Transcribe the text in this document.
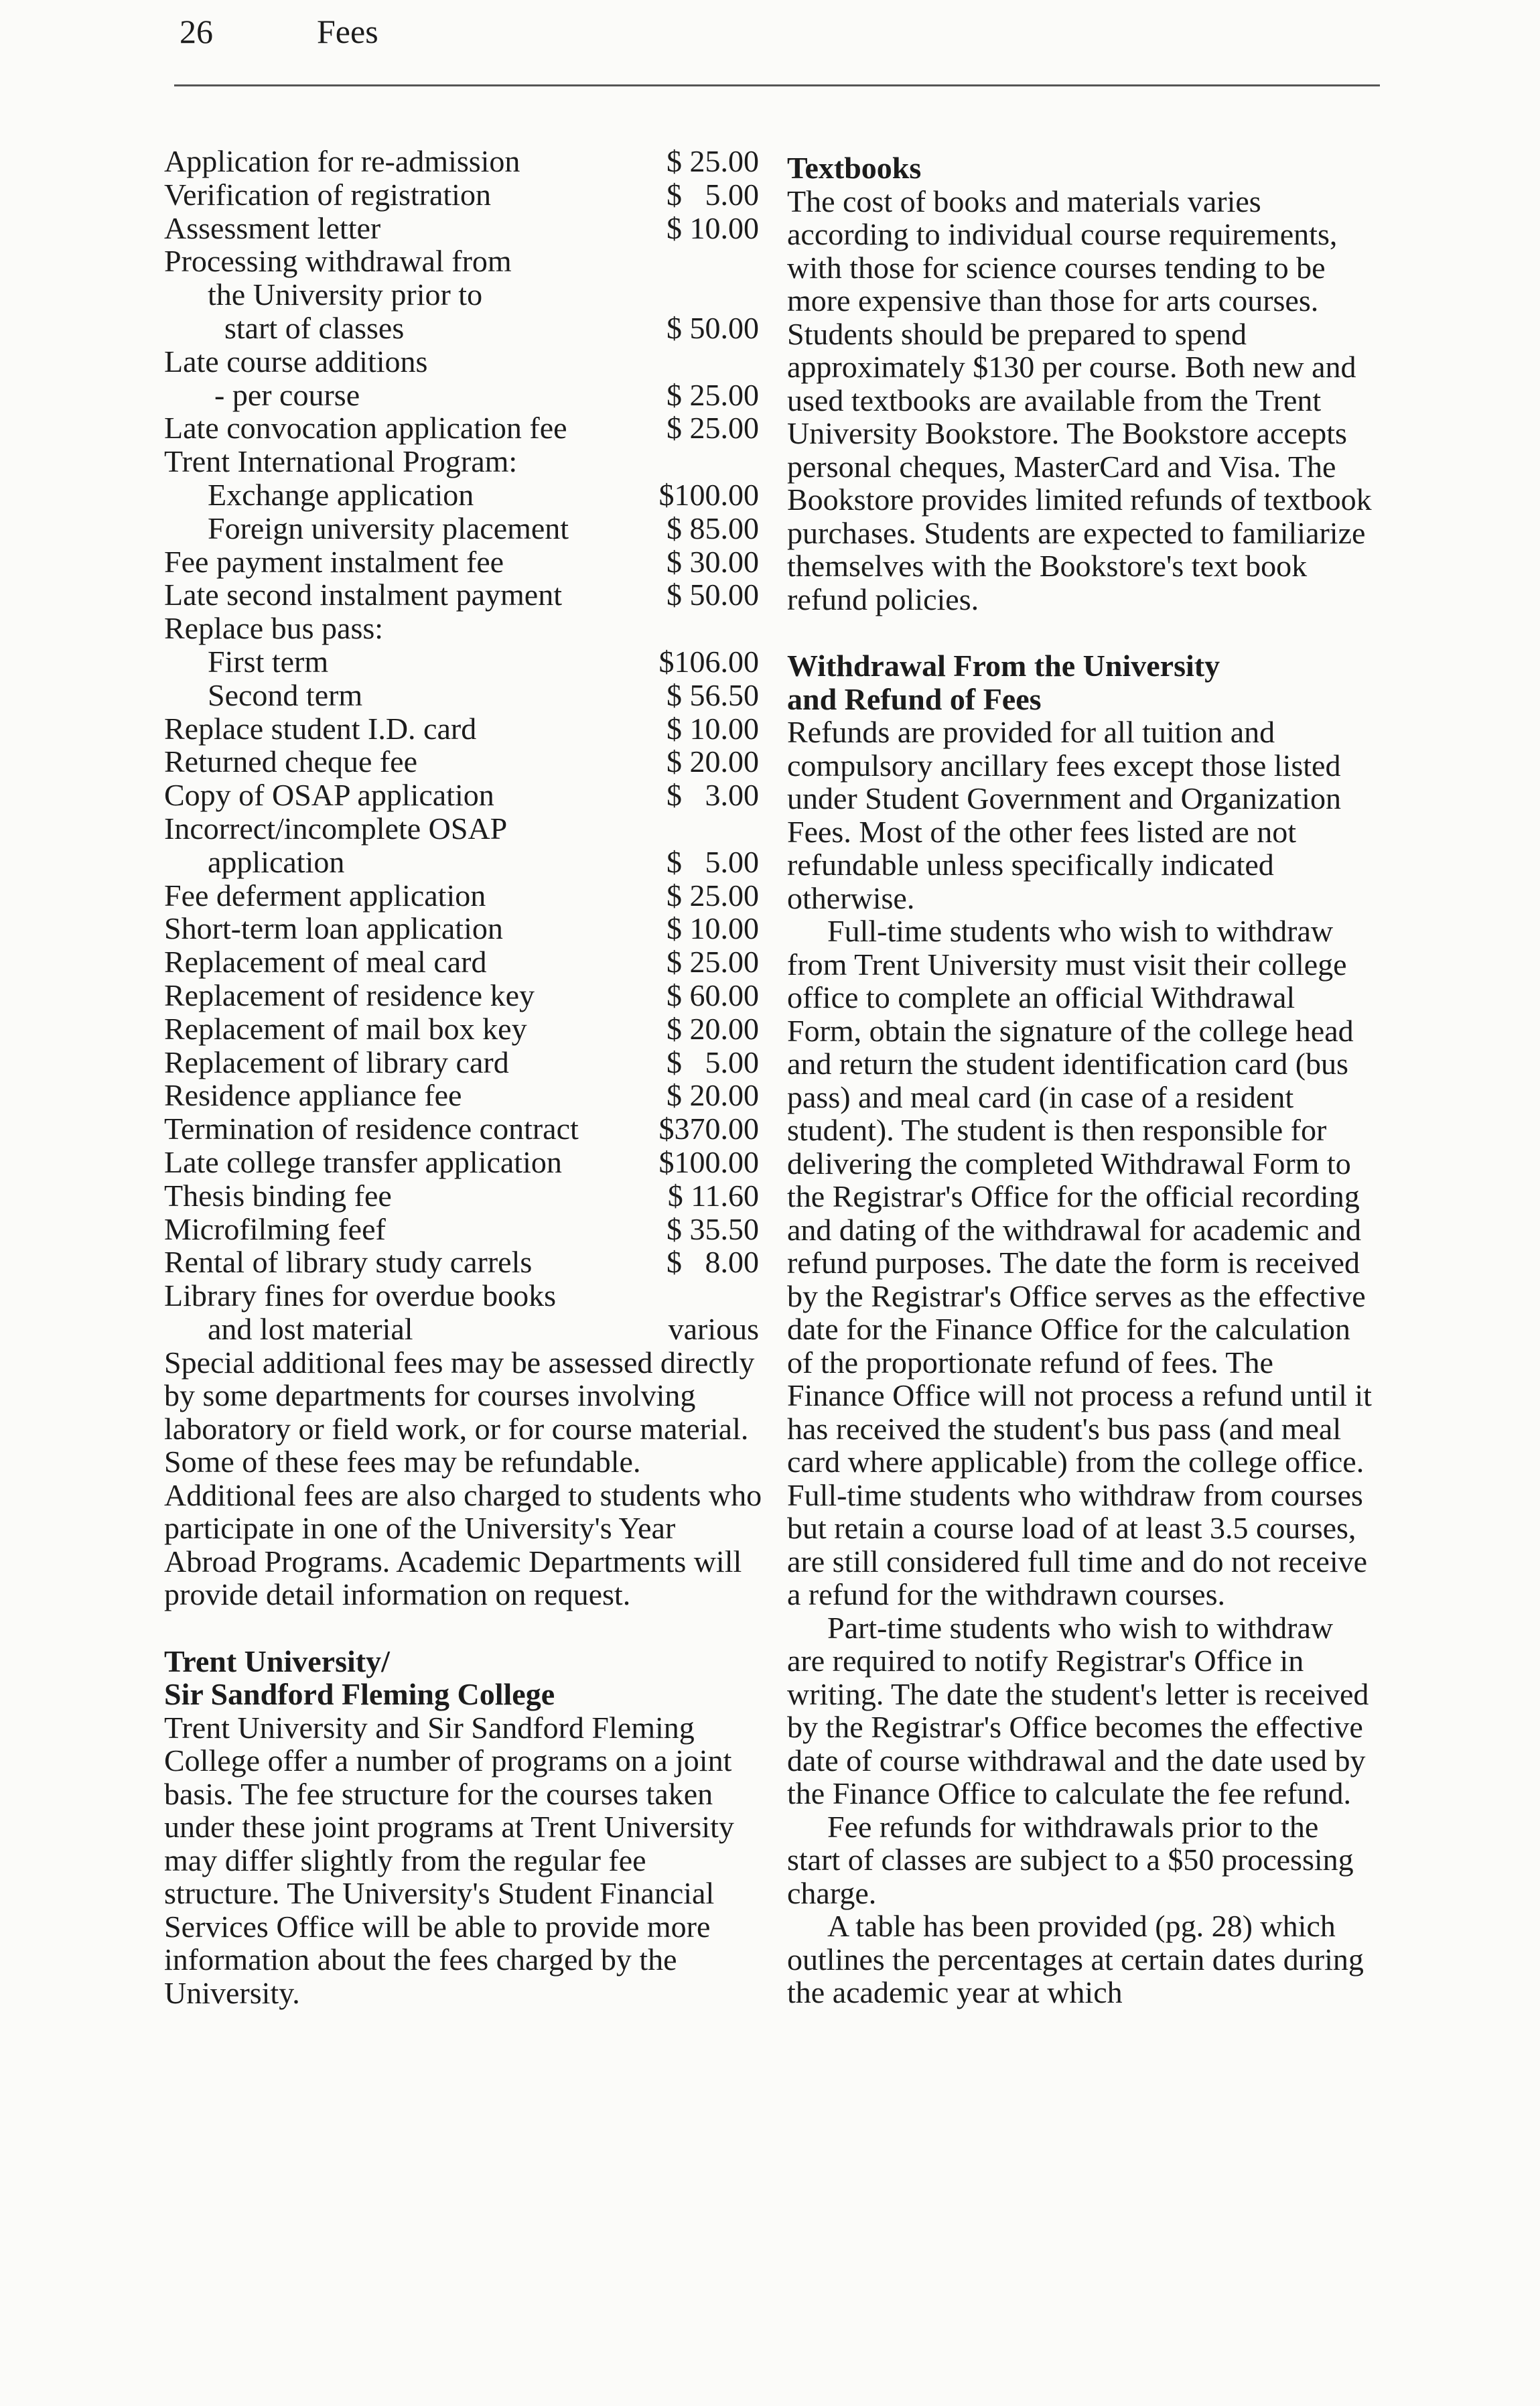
26	Fees
Application for re-admission	$ 25.00
Verification of registration	$   5.00
Assessment letter	$ 10.00
Processing withdrawal from
the University prior to
start of classes	$ 50.00
Late course additions
- per course	$ 25.00
Late convocation application fee	$ 25.00
Trent International Program:
Exchange application	$100.00
Foreign university placement	$ 85.00
Fee payment instalment fee	$ 30.00
Late second instalment payment	$ 50.00
Replace bus pass:
First term	$106.00
Second term	$ 56.50
Replace student I.D. card	$ 10.00
Returned cheque fee	$ 20.00
Copy of OSAP application	$   3.00
Incorrect/incomplete OSAP
application	$   5.00
Fee deferment application	$ 25.00
Short-term loan application	$ 10.00
Replacement of meal card	$ 25.00
Replacement of residence key	$ 60.00
Replacement of mail box key	$ 20.00
Replacement of library card	$   5.00
Residence appliance fee	$ 20.00
Termination of residence contract	$370.00
Late college transfer application	$100.00
Thesis binding fee	$ 11.60
Microfilming feef	$ 35.50
Rental of library study carrels	$   8.00
Library fines for overdue books
and lost material	various

Special additional fees may be assessed directly by some departments for courses involving laboratory or field work, or for course material. Some of these fees may be refundable. Additional fees are also charged to students who participate in one of the University's Year Abroad Programs. Academic Departments will provide detail information on request.

Trent University/

Sir Sandford Fleming College

Trent University and Sir Sandford Fleming College offer a number of programs on a joint basis. The fee structure for the courses taken under these joint programs at Trent University may differ slightly from the regular fee structure. The University's Student Financial Services Office will be able to provide more information about the fees charged by the University.

Textbooks

The cost of books and materials varies according to individual course requirements, with those for science courses tending to be more expensive than those for arts courses. Students should be prepared to spend approximately $130 per course. Both new and used textbooks are available from the Trent University Bookstore. The Bookstore accepts personal cheques, MasterCard and Visa. The Bookstore provides limited refunds of textbook purchases. Students are expected to familiarize themselves with the Bookstore's text book refund policies.

Withdrawal From the University

and Refund of Fees

Refunds are provided for all tuition and compulsory ancillary fees except those listed under Student Government and Organization Fees. Most of the other fees listed are not refundable unless specifically indicated otherwise.

Full-time students who wish to withdraw from Trent University must visit their college office to complete an official Withdrawal Form, obtain the signature of the college head and return the student identification card (bus pass) and meal card (in case of a resident student). The student is then responsible for delivering the completed Withdrawal Form to the Registrar's Office for the official recording and dating of the withdrawal for academic and refund purposes. The date the form is received by the Registrar's Office serves as the effective date for the Finance Office for the calculation of the proportionate refund of fees. The Finance Office will not process a refund until it has received the student's bus pass (and meal card where applicable) from the college office. Full-time students who withdraw from courses but retain a course load of at least 3.5 courses, are still considered full time and do not receive a refund for the withdrawn courses.

Part-time students who wish to withdraw are required to notify Registrar's Office in writing. The date the student's letter is received by the Registrar's Office becomes the effective date of course withdrawal and the date used by the Finance Office to calculate the fee refund.

Fee refunds for withdrawals prior to the start of classes are subject to a $50 processing charge.

A table has been provided (pg. 28) which outlines the percentages at certain dates during the academic year at which
